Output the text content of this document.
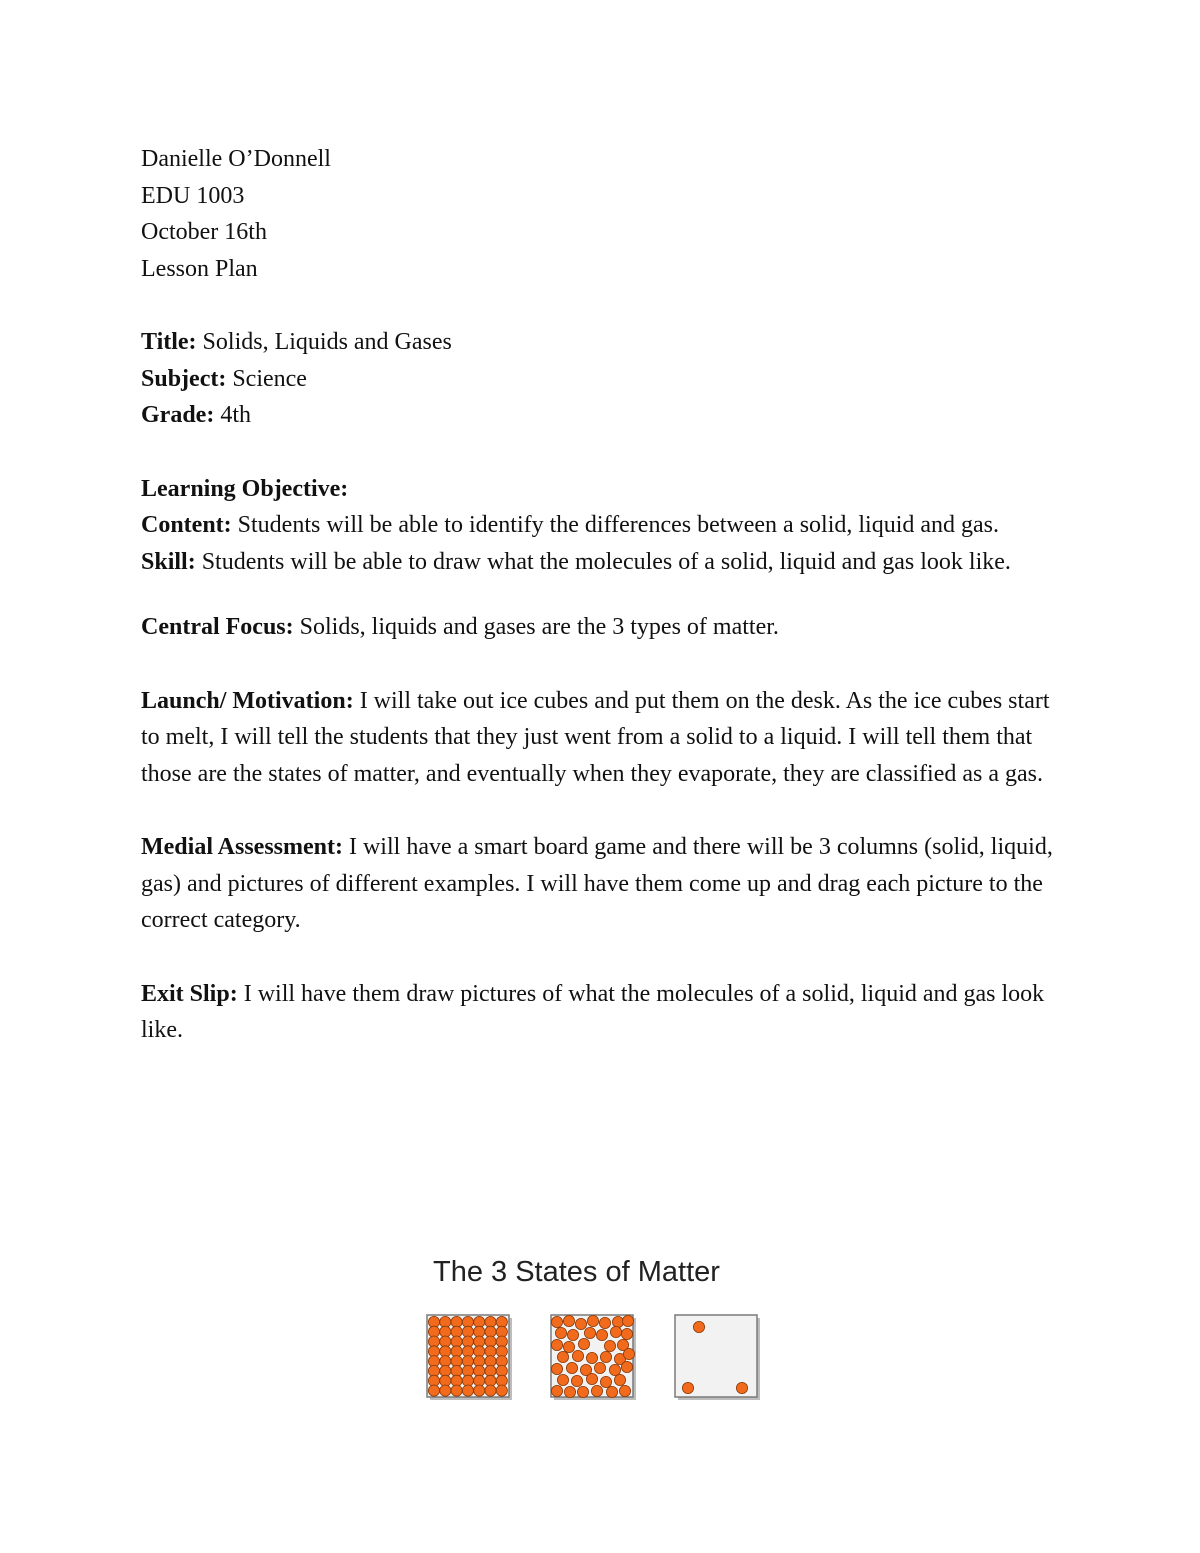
Danielle O’Donnell

EDU 1003

October 16th

Lesson Plan

Title: Solids, Liquids and Gases

Subject: Science

Grade: 4th

Learning Objective:

Content: Students will be able to identify the differences between a solid, liquid and gas.

Skill: Students will be able to draw what the molecules of a solid, liquid and gas look like.

Central Focus: Solids, liquids and gases are the 3 types of matter.

Launch/ Motivation: I will take out ice cubes and put them on the desk. As the ice cubes start to melt, I will tell the students that they just went from a solid to a liquid. I will tell them that those are the states of matter, and eventually when they evaporate, they are classified as a gas.

Medial Assessment: I will have a smart board game and there will be 3 columns (solid, liquid, gas) and pictures of different examples. I will have them come up and drag each picture to the correct category.

Exit Slip: I will have them draw pictures of what the molecules of a solid, liquid and gas look like.

The 3 States of Matter
